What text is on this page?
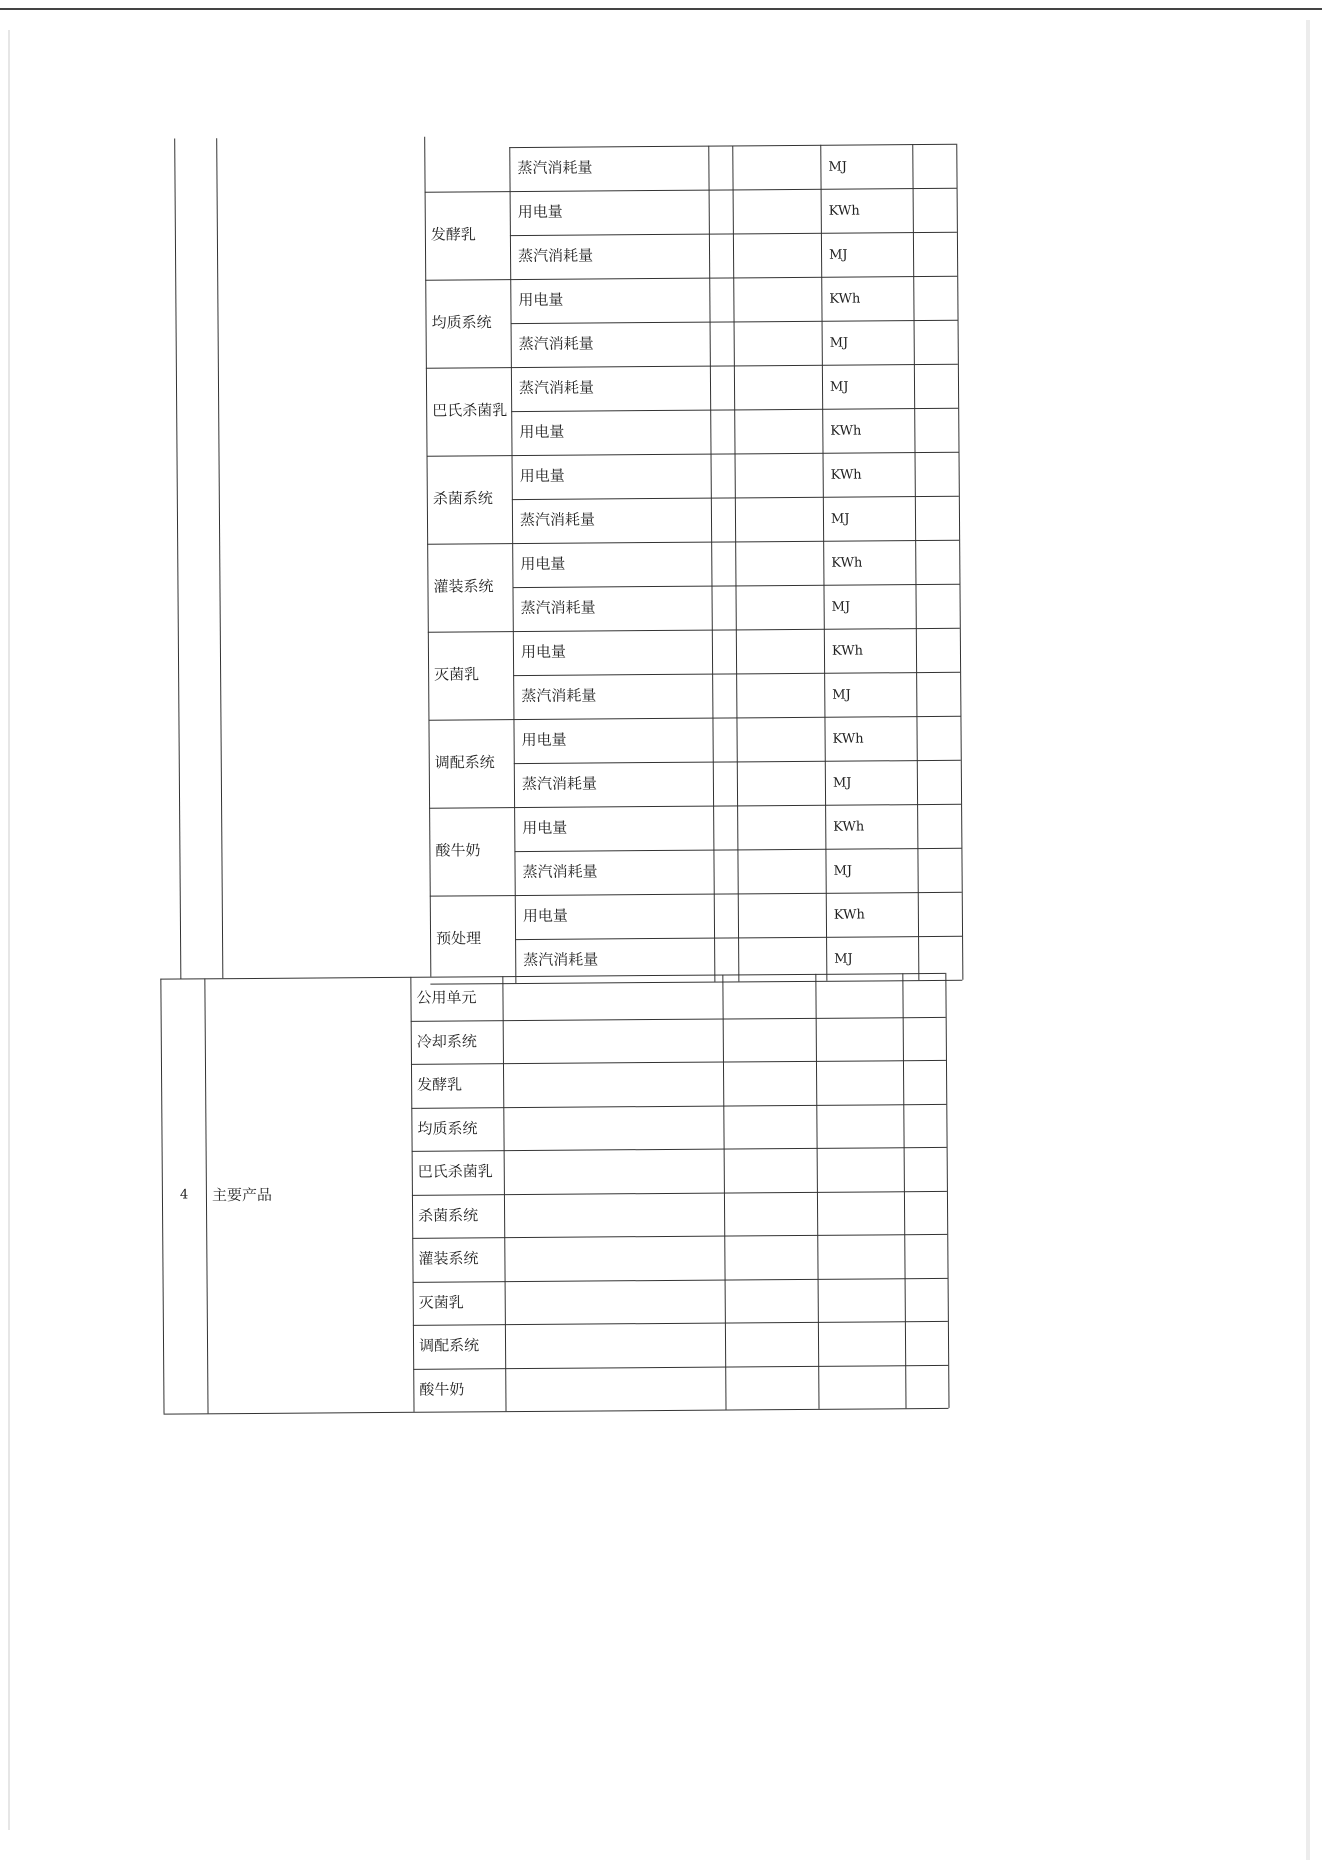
蒸汽消耗量	MJ
发酵乳
用电量	KWh
蒸汽消耗量	MJ
均质系统
用电量	KWh
蒸汽消耗量	MJ
巴氏杀菌乳
蒸汽消耗量	MJ
用电量	KWh
杀菌系统
用电量	KWh
蒸汽消耗量	MJ
灌装系统
用电量	KWh
蒸汽消耗量	MJ
灭菌乳
用电量	KWh
蒸汽消耗量	MJ
调配系统
用电量	KWh
蒸汽消耗量	MJ
酸牛奶
用电量	KWh
蒸汽消耗量	MJ
预处理
用电量	KWh
蒸汽消耗量	MJ
4 主要产品
公用单元
冷却系统
发酵乳
均质系统
巴氏杀菌乳
杀菌系统
灌装系统
灭菌乳
调配系统
酸牛奶
